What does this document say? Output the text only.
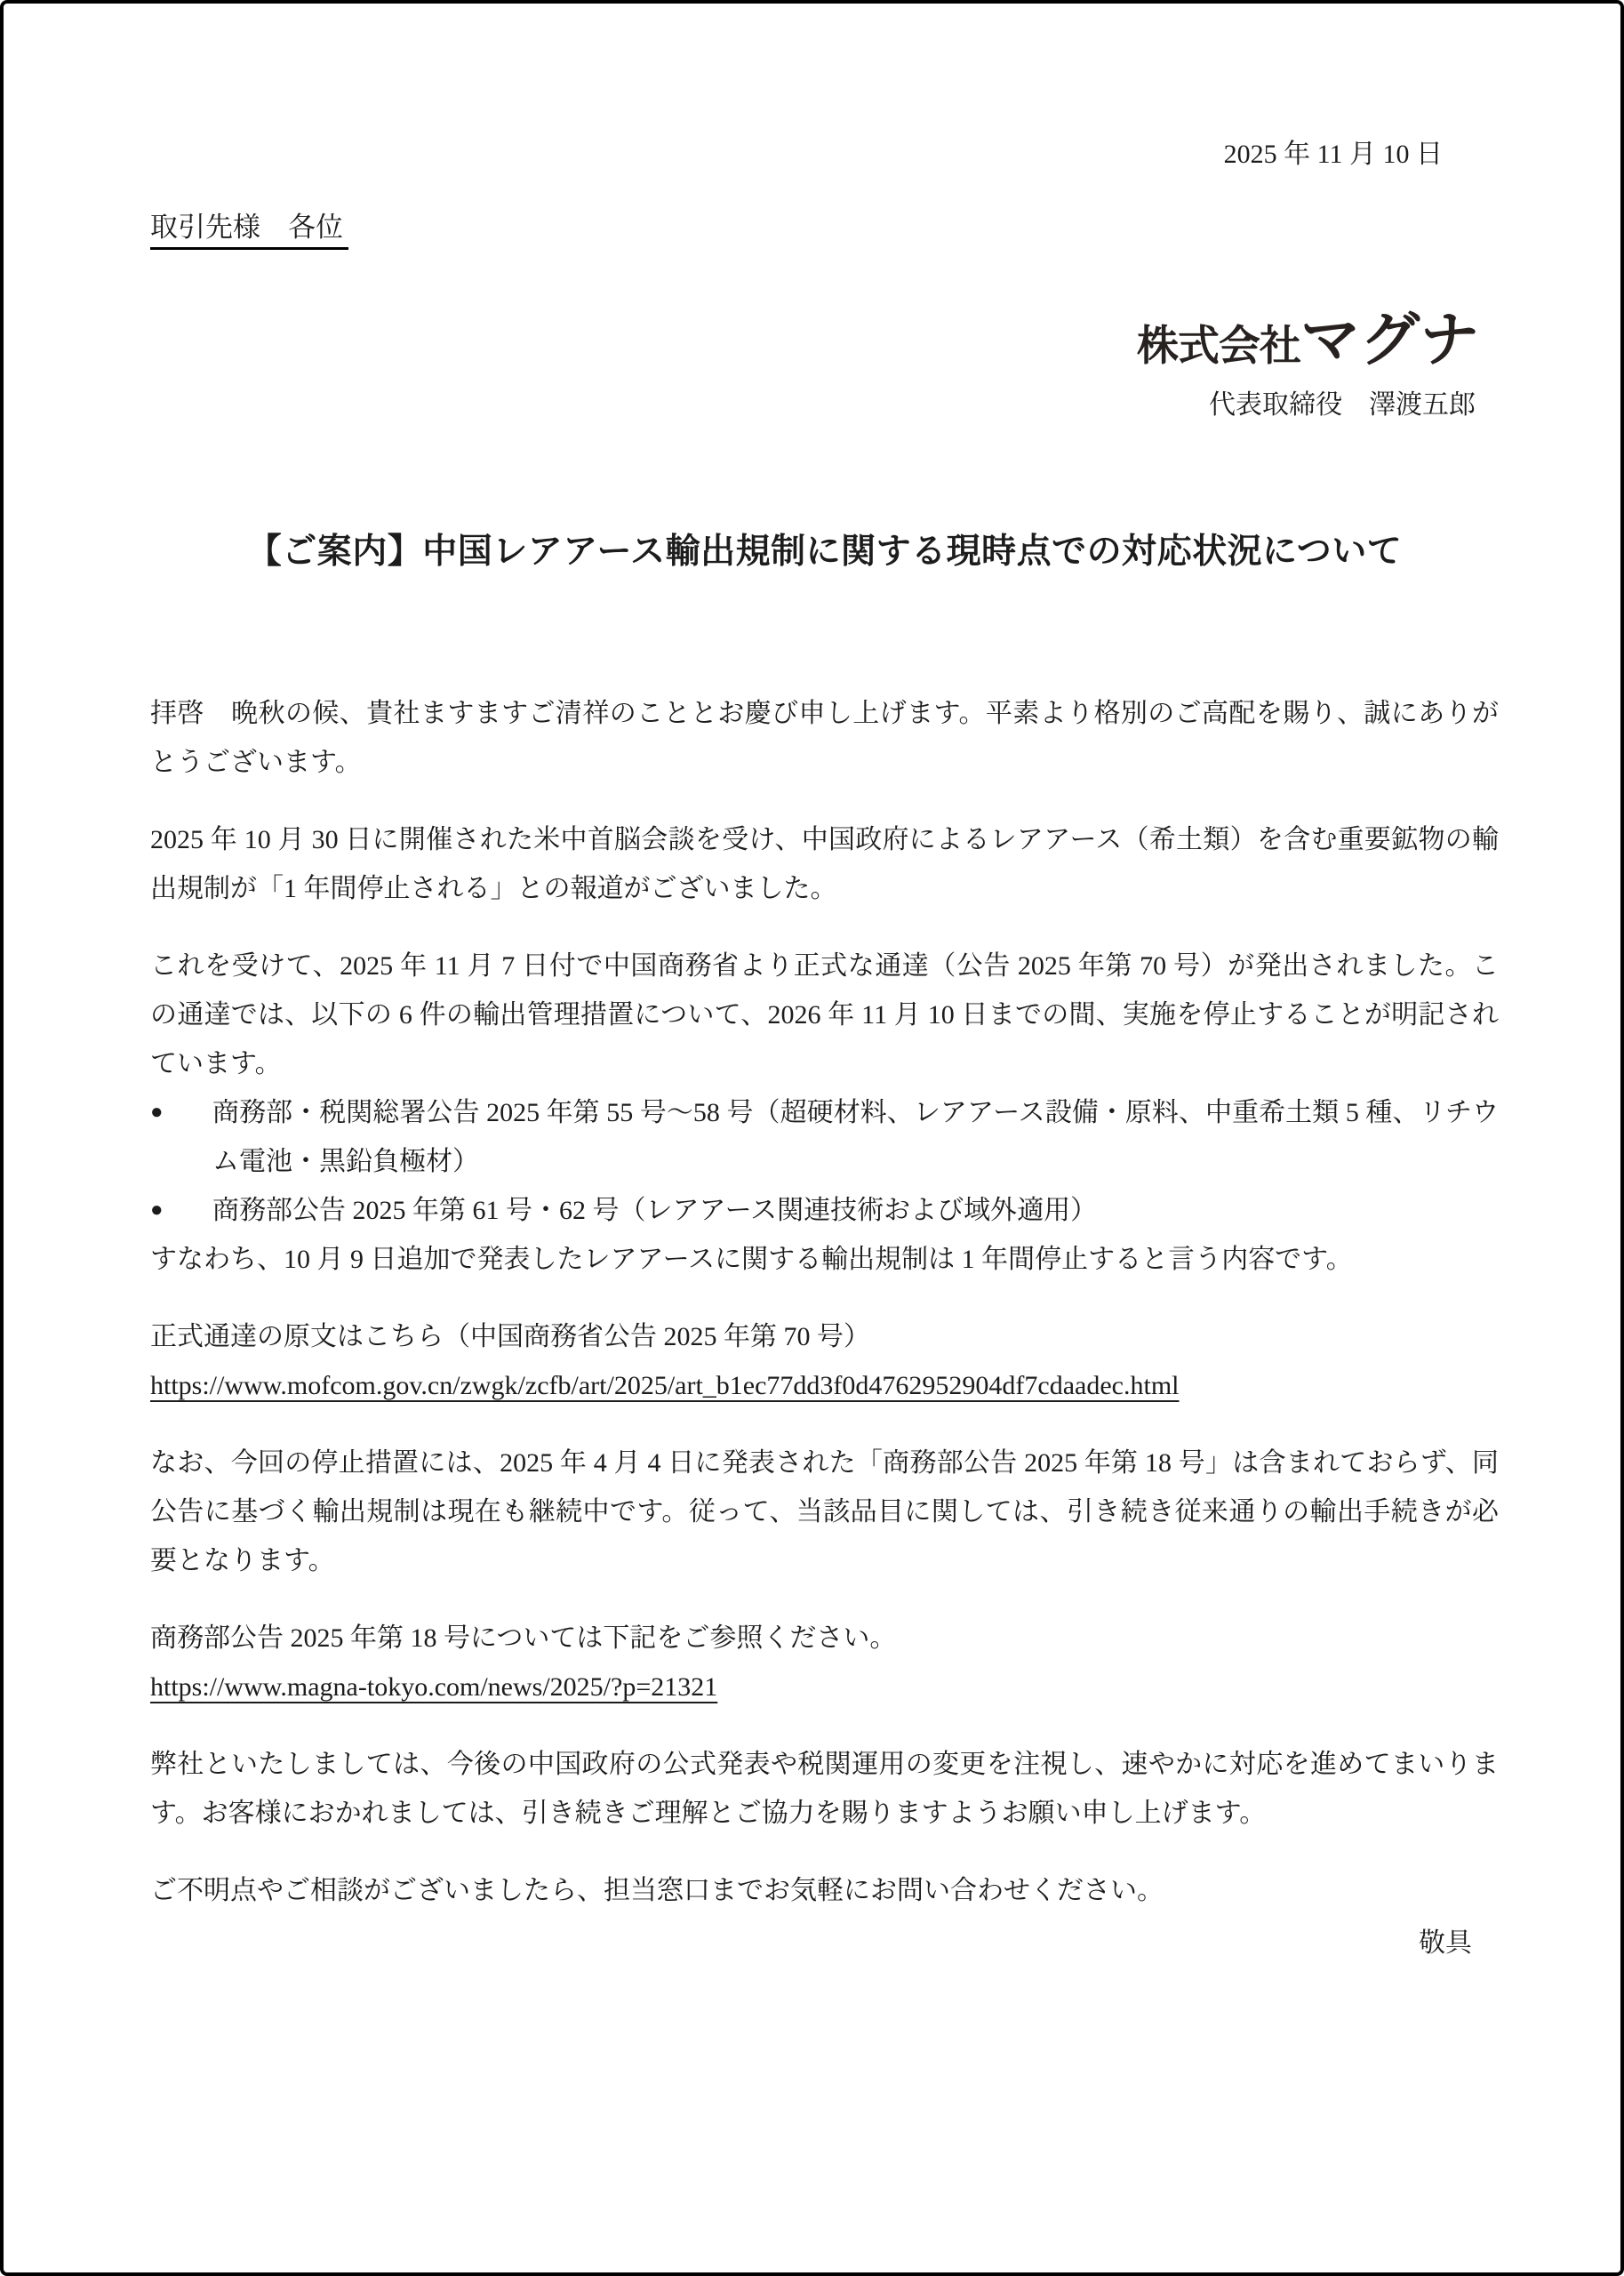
2025 年 11 月 10 日
取引先様　各位
株式会社マグナ
代表取締役　澤渡五郎
【ご案内】中国レアアース輸出規制に関する現時点での対応状況について

拝啓　晩秋の候、貴社ますますご清祥のこととお慶び申し上げます。平素より格別のご高配を賜り、誠にありがとうございます。

2025 年 10 月 30 日に開催された米中首脳会談を受け、中国政府によるレアアース（希土類）を含む重要鉱物の輸出規制が「1 年間停止される」との報道がございました。

これを受けて、2025 年 11 月 7 日付で中国商務省より正式な通達（公告 2025 年第 70 号）が発出されました。この通達では、以下の 6 件の輸出管理措置について、2026 年 11 月 10 日までの間、実施を停止することが明記されています。

●	商務部・税関総署公告 2025 年第 55 号～58 号（超硬材料、レアアース設備・原料、中重希土類 5 種、リチウム電池・黒鉛負極材）
●	商務部公告 2025 年第 61 号・62 号（レアアース関連技術および域外適用）

すなわち、10 月 9 日追加で発表したレアアースに関する輸出規制は 1 年間停止すると言う内容です。

正式通達の原文はこちら（中国商務省公告 2025 年第 70 号）

https://www.mofcom.gov.cn/zwgk/zcfb/art/2025/art_b1ec77dd3f0d4762952904df7cdaadec.html

なお、今回の停止措置には、2025 年 4 月 4 日に発表された「商務部公告 2025 年第 18 号」は含まれておらず、同公告に基づく輸出規制は現在も継続中です。従って、当該品目に関しては、引き続き従来通りの輸出手続きが必要となります。

商務部公告 2025 年第 18 号については下記をご参照ください。

https://www.magna-tokyo.com/news/2025/?p=21321

弊社といたしましては、今後の中国政府の公式発表や税関運用の変更を注視し、速やかに対応を進めてまいります。お客様におかれましては、引き続きご理解とご協力を賜りますようお願い申し上げます。

ご不明点やご相談がございましたら、担当窓口までお気軽にお問い合わせください。

敬具
